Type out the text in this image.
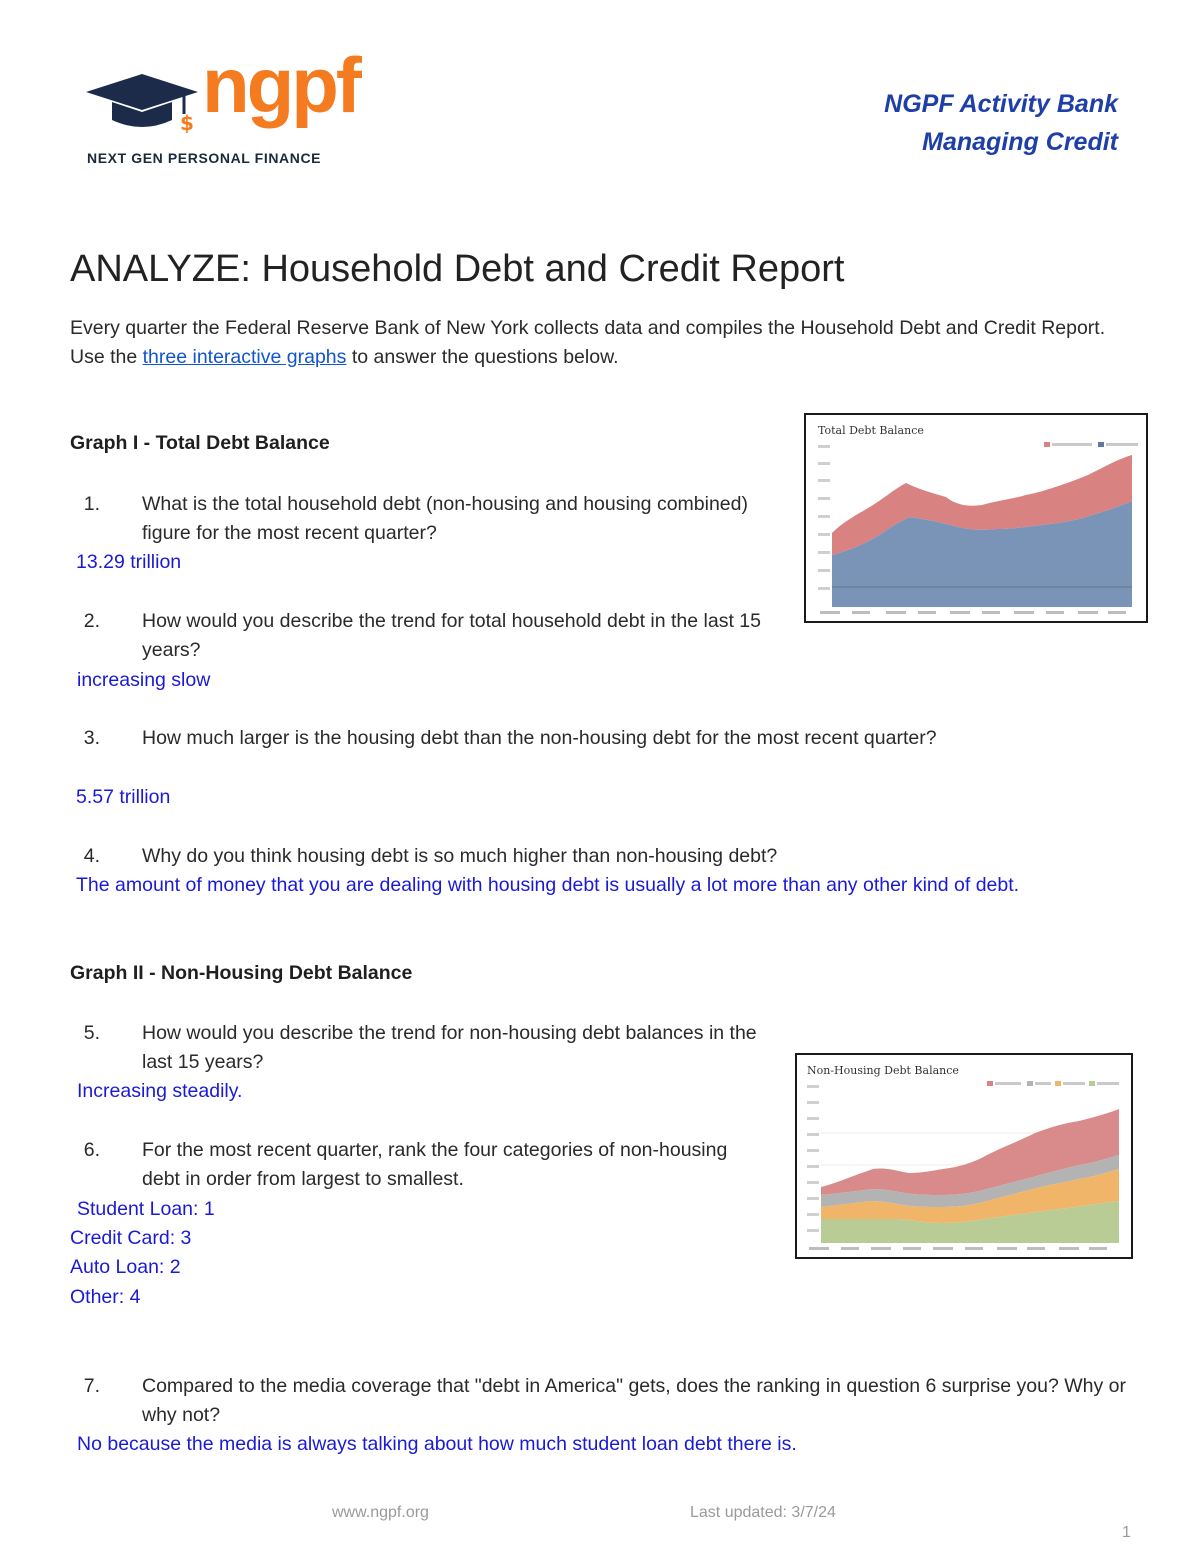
$ ngpf
NEXT GEN PERSONAL FINANCE
NGPF Activity Bank
Managing Credit
ANALYZE: Household Debt and Credit Report
Every quarter the Federal Reserve Bank of New York collects data and compiles the Household Debt and Credit Report. Use the three interactive graphs to answer the questions below.
Graph I - Total Debt Balance
1. What is the total household debt (non-housing and housing combined) figure for the most recent quarter?
13.29 trillion
2. How would you describe the trend for total household debt in the last 15 years?
increasing slow
3. How much larger is the housing debt than the non-housing debt for the most recent quarter?
5.57 trillion
4. Why do you think housing debt is so much higher than non-housing debt?
The amount of money that you are dealing with housing debt is usually a lot more than any other kind of debt.
Total Debt Balance
Graph II - Non-Housing Debt Balance
5. How would you describe the trend for non-housing debt balances in the last 15 years?
Increasing steadily.
6. For the most recent quarter, rank the four categories of non-housing debt in order from largest to smallest.
Student Loan: 1
Credit Card: 3
Auto Loan: 2
Other: 4
Non-Housing Debt Balance
7. Compared to the media coverage that "debt in America" gets, does the ranking in question 6 surprise you? Why or why not?
No because the media is always talking about how much student loan debt there is.
www.ngpf.org	Last updated: 3/7/24
1
